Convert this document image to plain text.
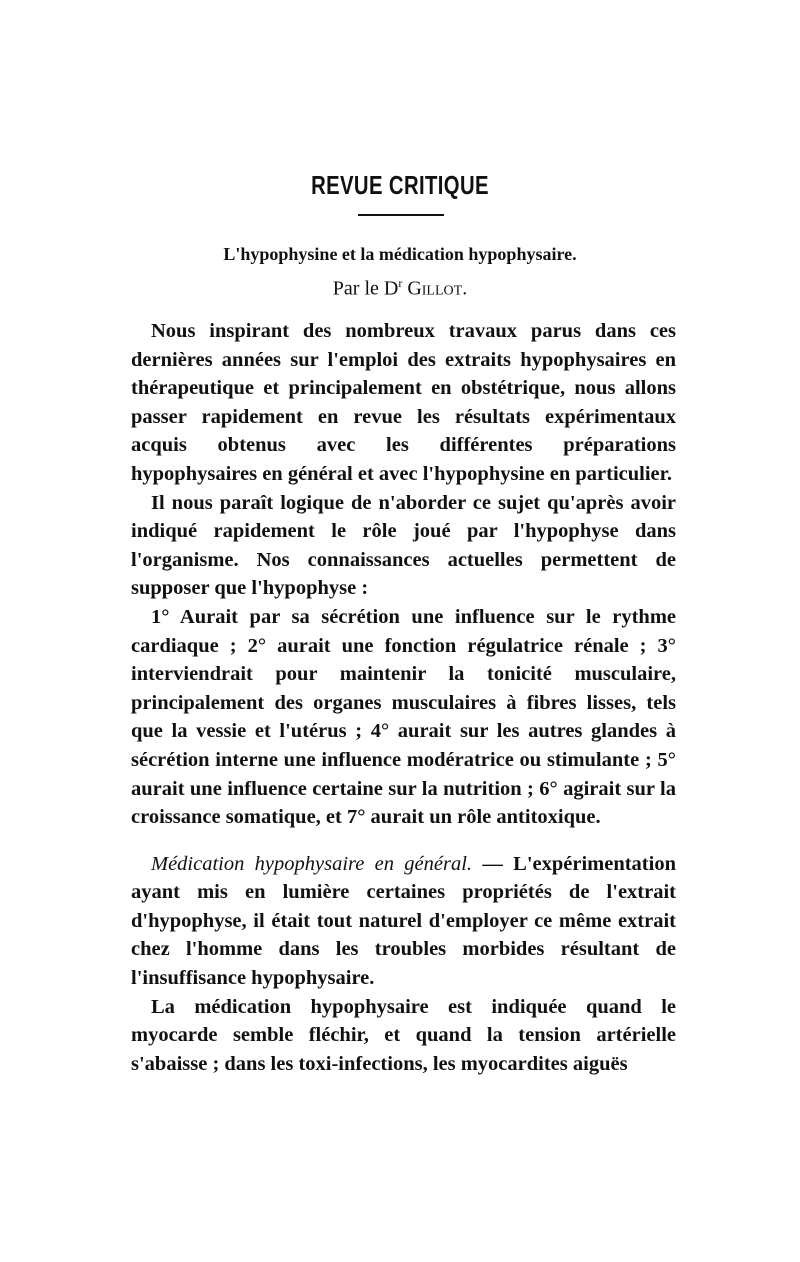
REVUE CRITIQUE
L'hypophysine et la médication hypophysaire.
Par le $D^r$ Gillot.

Nous inspirant des nombreux travaux parus dans ces dernières années sur l'emploi des extraits hypophysaires en thérapeutique et principalement en obstétrique, nous allons passer rapidement en revue les résultats expérimentaux acquis obtenus avec les différentes préparations hypophysaires en général et avec l'hypophysine en particulier.

Il nous paraît logique de n'aborder ce sujet qu'après avoir indiqué rapidement le rôle joué par l'hypophyse dans l'organisme. Nos connaissances actuelles permettent de supposer que l'hypophyse :

1° Aurait par sa sécrétion une influence sur le rythme cardiaque ; 2° aurait une fonction régulatrice rénale ; 3° interviendrait pour maintenir la tonicité musculaire, principalement des organes musculaires à fibres lisses, tels que la vessie et l'utérus ; 4° aurait sur les autres glandes à sécrétion interne une influence modératrice ou stimulante ; 5° aurait une influence certaine sur la nutrition ; 6° agirait sur la croissance somatique, et 7° aurait un rôle antitoxique.

Médication hypophysaire en général. — L'expérimentation ayant mis en lumière certaines propriétés de l'extrait d'hypophyse, il était tout naturel d'employer ce même extrait chez l'homme dans les troubles morbides résultant de l'insuffisance hypophysaire.

La médication hypophysaire est indiquée quand le myocarde semble fléchir, et quand la tension artérielle s'abaisse ; dans les toxi-infections, les myocardites aiguës
